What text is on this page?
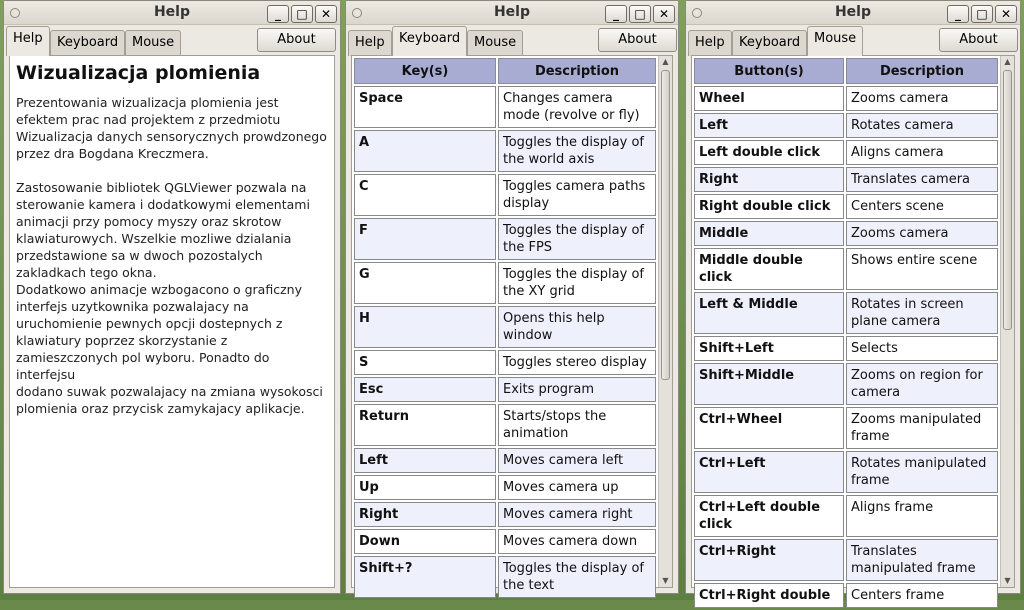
Help	_	□	✕
Help	Keyboard	Mouse	About
Wizualizacja plomienia
Prezentowania wizualizacja plomienia jest
efektem prac nad projektem z przedmiotu
Wizualizacja danych sensorycznych prowdzonego
przez dra Bogdana Kreczmera.
Zastosowanie bibliotek QGLViewer pozwala na
sterowanie kamera i dodatkowymi elementami
animacji przy pomocy myszy oraz skrotow
klawiaturowych. Wszelkie mozliwe dzialania
przedstawione sa w dwoch pozostalych
zakladkach tego okna.
Dodatkowo animacje wzbogacono o graficzny
interfejs uzytkownika pozwalajacy na
uruchomienie pewnych opcji dostepnych z
klawiatury poprzez skorzystanie z
zamieszczonych pol wyboru. Ponadto do interfejsu
dodano suwak pozwalajacy na zmiana wysokosci
plomienia oraz przycisk zamykajacy aplikacje.
Help	_	□	✕
Help	Keyboard	Mouse	About
Key(s)	Description
Space	Changes camera mode (revolve or fly)
A	Toggles the display of the world axis
C	Toggles camera paths display
F	Toggles the display of the FPS
G	Toggles the display of the XY grid
H	Opens this help window
S	Toggles stereo display
Esc	Exits program
Return	Starts/stops the animation
Left	Moves camera left
Up	Moves camera up
Right	Moves camera right
Down	Moves camera down
Shift+?	Toggles the display of the text
▲
▼
Help	_	□	✕
Help	Keyboard	Mouse	About
Button(s)	Description
Wheel	Zooms camera
Left	Rotates camera
Left double click	Aligns camera
Right	Translates camera
Right double click	Centers scene
Middle	Zooms camera
Middle double click	Shows entire scene
Left & Middle	Rotates in screen plane camera
Shift+Left	Selects
Shift+Middle	Zooms on region for camera
Ctrl+Wheel	Zooms manipulated frame
Ctrl+Left	Rotates manipulated frame
Ctrl+Left double click	Aligns frame
Ctrl+Right	Translates manipulated frame
Ctrl+Right double	Centers frame
▲
▼
